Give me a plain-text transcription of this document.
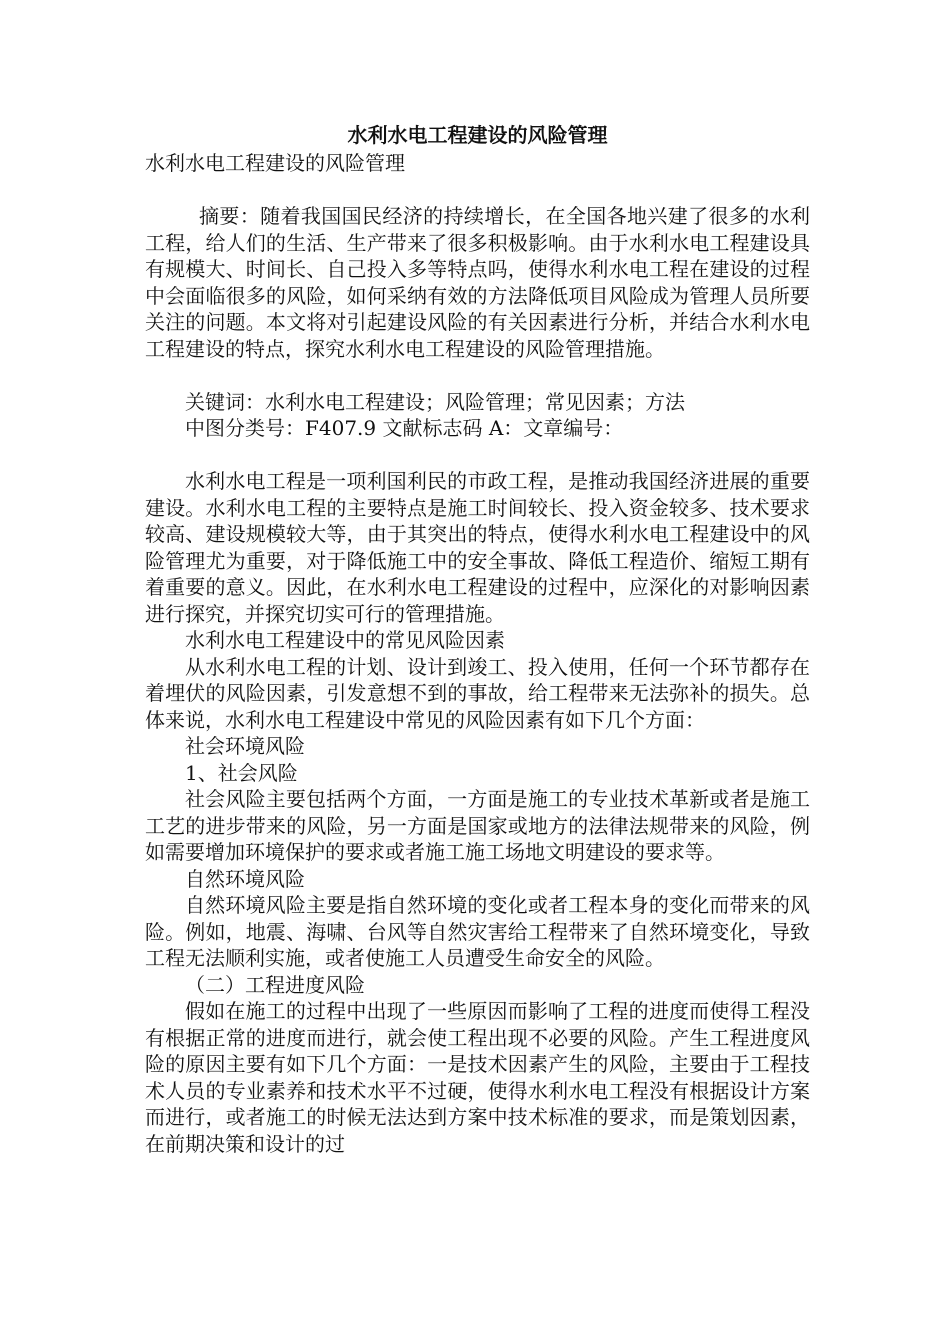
水利水电工程建设的风险管理

水利水电工程建设的风险管理

摘要：随着我国国民经济的持续增长，在全国各地兴建了很多的水利工程，给人们的生活、生产带来了很多积极影响。由于水利水电工程建设具有规模大、时间长、自己投入多等特点吗，使得水利水电工程在建设的过程中会面临很多的风险，如何采纳有效的方法降低项目风险成为管理人员所要关注的问题。本文将对引起建设风险的有关因素进行分析，并结合水利水电工程建设的特点，探究水利水电工程建设的风险管理措施。

关键词：水利水电工程建设；风险管理；常见因素；方法

中图分类号：F407.9 文献标志码 A：文章编号：

水利水电工程是一项利国利民的市政工程，是推动我国经济进展的重要建设。水利水电工程的主要特点是施工时间较长、投入资金较多、技术要求较高、建设规模较大等，由于其突出的特点，使得水利水电工程建设中的风险管理尤为重要，对于降低施工中的安全事故、降低工程造价、缩短工期有着重要的意义。因此，在水利水电工程建设的过程中，应深化的对影响因素进行探究，并探究切实可行的管理措施。

水利水电工程建设中的常见风险因素

从水利水电工程的计划、设计到竣工、投入使用，任何一个环节都存在着埋伏的风险因素，引发意想不到的事故，给工程带来无法弥补的损失。总体来说，水利水电工程建设中常见的风险因素有如下几个方面：

社会环境风险

1、社会风险

社会风险主要包括两个方面，一方面是施工的专业技术革新或者是施工工艺的进步带来的风险，另一方面是国家或地方的法律法规带来的风险，例如需要增加环境保护的要求或者施工施工场地文明建设的要求等。

自然环境风险

自然环境风险主要是指自然环境的变化或者工程本身的变化而带来的风险。例如，地震、海啸、台风等自然灾害给工程带来了自然环境变化，导致工程无法顺利实施，或者使施工人员遭受生命安全的风险。

（二）工程进度风险

假如在施工的过程中出现了一些原因而影响了工程的进度而使得工程没有根据正常的进度而进行，就会使工程出现不必要的风险。产生工程进度风险的原因主要有如下几个方面：一是技术因素产生的风险，主要由于工程技术人员的专业素养和技术水平不过硬，使得水利水电工程没有根据设计方案而进行，或者施工的时候无法达到方案中技术标准的要求，而是策划因素，在前期决策和设计的过
